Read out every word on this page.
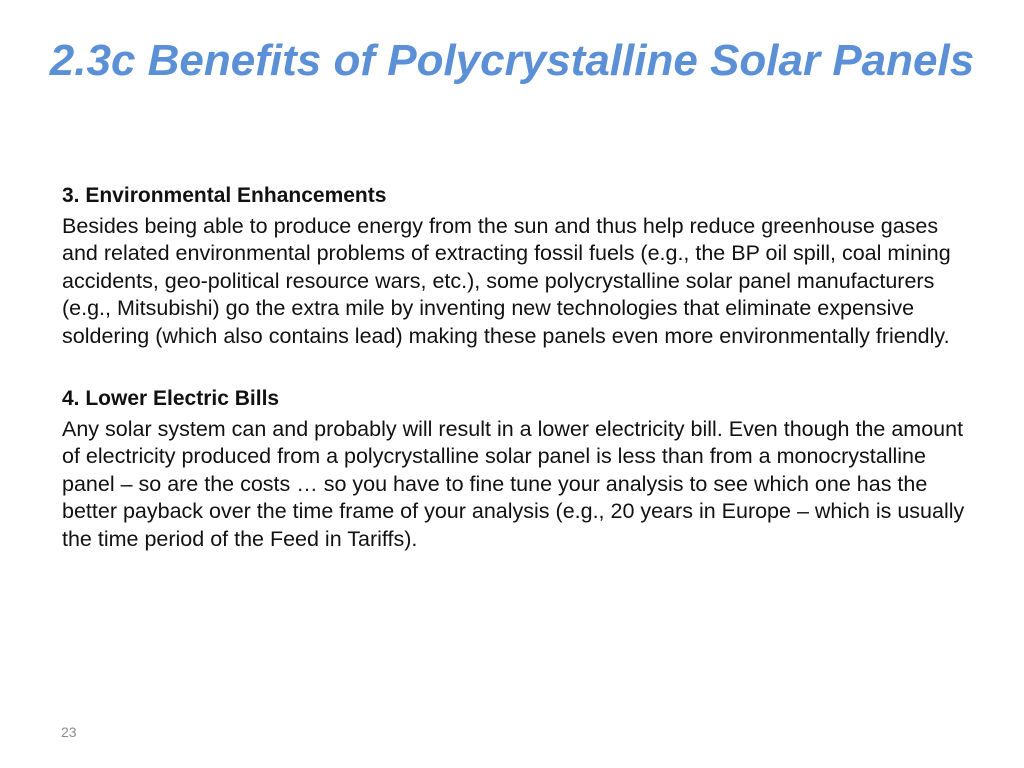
2.3c Benefits of Polycrystalline Solar Panels

3. Environmental Enhancements

Besides being able to produce energy from the sun and thus help reduce greenhouse gases and related environmental problems of extracting fossil fuels (e.g., the BP oil spill, coal mining accidents, geo-political resource wars, etc.), some polycrystalline solar panel manufacturers (e.g., Mitsubishi) go the extra mile by inventing new technologies that eliminate expensive soldering (which also contains lead) making these panels even more environmentally friendly.

4. Lower Electric Bills

Any solar system can and probably will result in a lower electricity bill. Even though the amount of electricity produced from a polycrystalline solar panel is less than from a monocrystalline panel – so are the costs … so you have to fine tune your analysis to see which one has the better payback over the time frame of your analysis (e.g., 20 years in Europe – which is usually the time period of the Feed in Tariffs).

23
